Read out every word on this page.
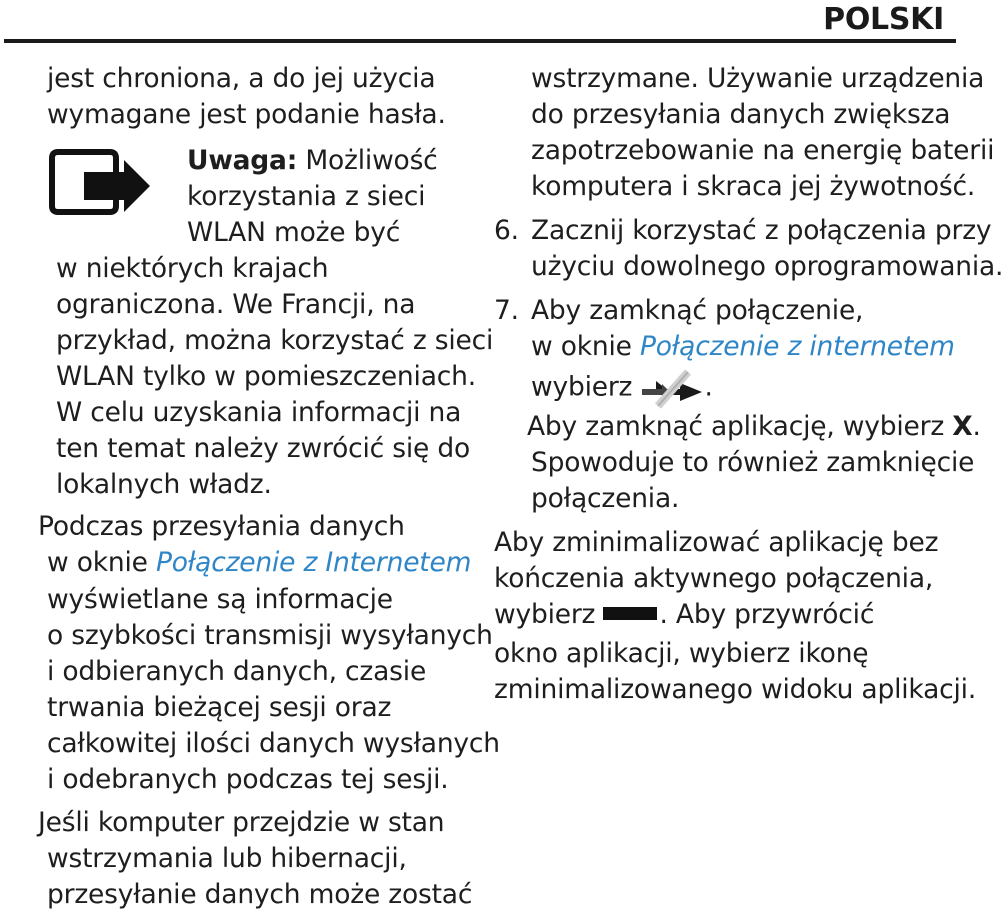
POLSKI
jest chroniona, a do jej użycia
wymagane jest podanie hasła.
Uwaga: Możliwość
korzystania z sieci
WLAN może być
w niektórych krajach
ograniczona. We Francji, na
przykład, można korzystać z sieci
WLAN tylko w pomieszczeniach.
W celu uzyskania informacji na
ten temat należy zwrócić się do
lokalnych władz.
Podczas przesyłania danych
w oknie Połączenie z Internetem
wyświetlane są informacje
o szybkości transmisji wysyłanych
i odbieranych danych, czasie
trwania bieżącej sesji oraz
całkowitej ilości danych wysłanych
i odebranych podczas tej sesji.
Jeśli komputer przejdzie w stan
wstrzymania lub hibernacji,
przesyłanie danych może zostać
wstrzymane. Używanie urządzenia
do przesyłania danych zwiększa
zapotrzebowanie na energię baterii
komputera i skraca jej żywotność.
6. Zacznij korzystać z połączenia przy
użyciu dowolnego oprogramowania.
7. Aby zamknąć połączenie,
w oknie Połączenie z internetem
wybierz .
Aby zamknąć aplikację, wybierz X.
Spowoduje to również zamknięcie
połączenia.
Aby zminimalizować aplikację bez
kończenia aktywnego połączenia,
wybierz . Aby przywrócić
okno aplikacji, wybierz ikonę
zminimalizowanego widoku aplikacji.
